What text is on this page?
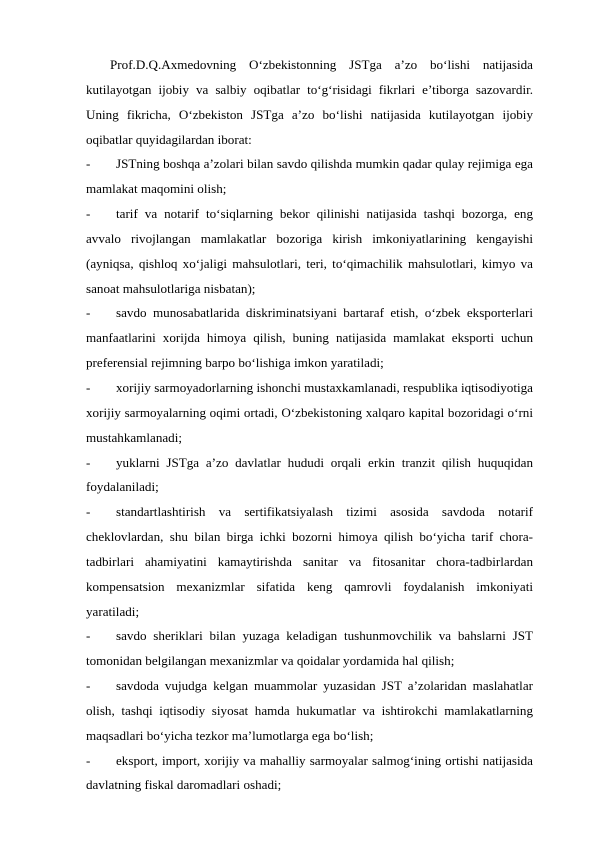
Prof.D.Q.Axmedovning O‘zbekistonning JSTga a’zo bo‘lishi natijasida kutilayotgan ijobiy va salbiy oqibatlar to‘g‘risidagi fikrlari e’tiborga sazovardir. Uning fikricha, O‘zbekiston JSTga a’zo bo‘lishi natijasida kutilayotgan ijobiy oqibatlar quyidagilardan iborat:

- JSTning boshqa a’zolari bilan savdo qilishda mumkin qadar qulay rejimiga ega mamlakat maqomini olish;

- tarif va notarif to‘siqlarning bekor qilinishi natijasida tashqi bozorga, eng avvalo rivojlangan mamlakatlar bozoriga kirish imkoniyatlarining kengayishi (ayniqsa, qishloq xo‘jaligi mahsulotlari, teri, to‘qimachilik mahsulotlari, kimyo va sanoat mahsulotlariga nisbatan);

- savdo munosabatlarida diskriminatsiyani bartaraf etish, o‘zbek eksporterlari manfaatlarini xorijda himoya qilish, buning natijasida mamlakat eksporti uchun preferensial rejimning barpo bo‘lishiga imkon yaratiladi;

- xorijiy sarmoyadorlarning ishonchi mustaxkamlanadi, respublika iqtisodiyotiga xorijiy sarmoyalarning oqimi ortadi, O‘zbekistoning xalqaro kapital bozoridagi o‘rni mustahkamlanadi;

- yuklarni JSTga a’zo davlatlar hududi orqali erkin tranzit qilish huquqidan foydalaniladi;

- standartlashtirish va sertifikatsiyalash tizimi asosida savdoda notarif cheklovlardan, shu bilan birga ichki bozorni himoya qilish bo‘yicha tarif chora-tadbirlari ahamiyatini kamaytirishda sanitar va fitosanitar chora-tadbirlardan kompensatsion mexanizmlar sifatida keng qamrovli foydalanish imkoniyati yaratiladi;

- savdo sheriklari bilan yuzaga keladigan tushunmovchilik va bahslarni JST tomonidan belgilangan mexanizmlar va qoidalar yordamida hal qilish;

- savdoda vujudga kelgan muammolar yuzasidan JST a’zolaridan maslahatlar olish, tashqi iqtisodiy siyosat hamda hukumatlar va ishtirokchi mamlakatlarning maqsadlari bo‘yicha tezkor ma’lumotlarga ega bo‘lish;

- eksport, import, xorijiy va mahalliy sarmoyalar salmog‘ining ortishi natijasida davlatning fiskal daromadlari oshadi;
